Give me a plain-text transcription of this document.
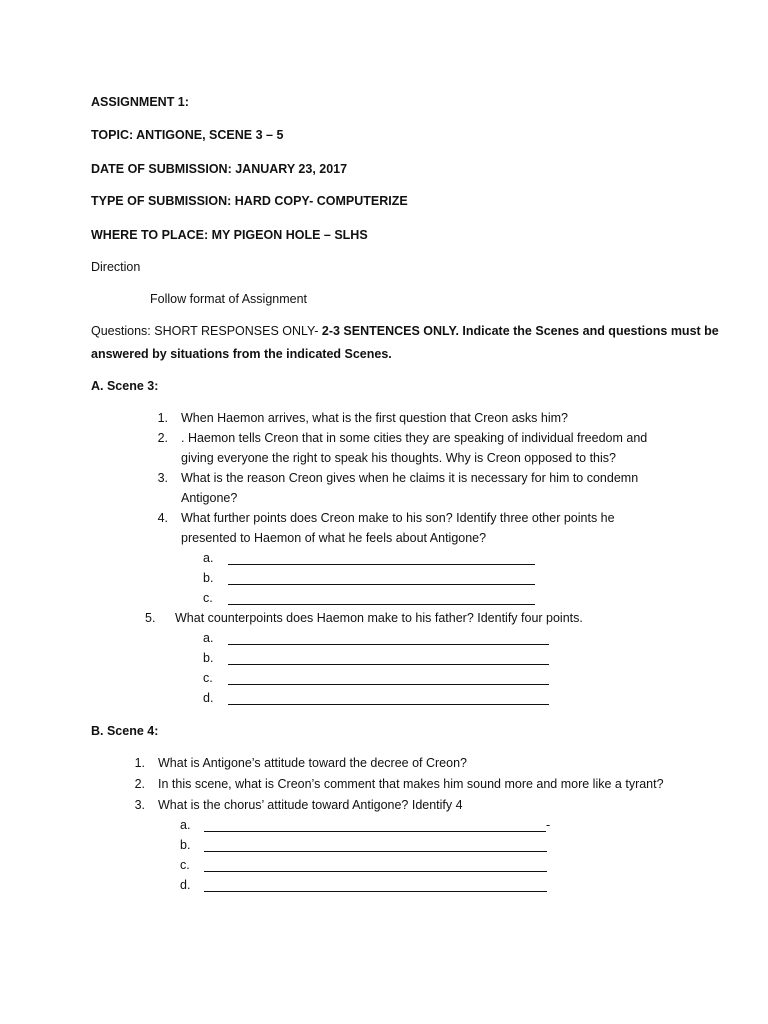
ASSIGNMENT 1:
TOPIC: ANTIGONE, SCENE 3 – 5
DATE OF SUBMISSION: JANUARY 23, 2017
TYPE OF SUBMISSION: HARD COPY- COMPUTERIZE
WHERE TO PLACE: MY PIGEON HOLE – SLHS
Direction
Follow format of Assignment
Questions: SHORT RESPONSES ONLY- 2-3 SENTENCES ONLY. Indicate the Scenes and questions must be
answered by situations from the indicated Scenes.
A. Scene 3:
1. When Haemon arrives, what is the first question that Creon asks him?
2. . Haemon tells Creon that in some cities they are speaking of individual freedom and
giving everyone the right to speak his thoughts. Why is Creon opposed to this?
3. What is the reason Creon gives when he claims it is necessary for him to condemn
Antigone?
4. What further points does Creon make to his son? Identify three other points he
presented to Haemon of what he feels about Antigone?
a.
b.
c.
5. What counterpoints does Haemon make to his father? Identify four points.
a.
b.
c.
d.
B. Scene 4:
1. What is Antigone’s attitude toward the decree of Creon?
2. In this scene, what is Creon’s comment that makes him sound more and more like a tyrant?
3. What is the chorus’ attitude toward Antigone? Identify 4
a.	-
b.
c.
d.
